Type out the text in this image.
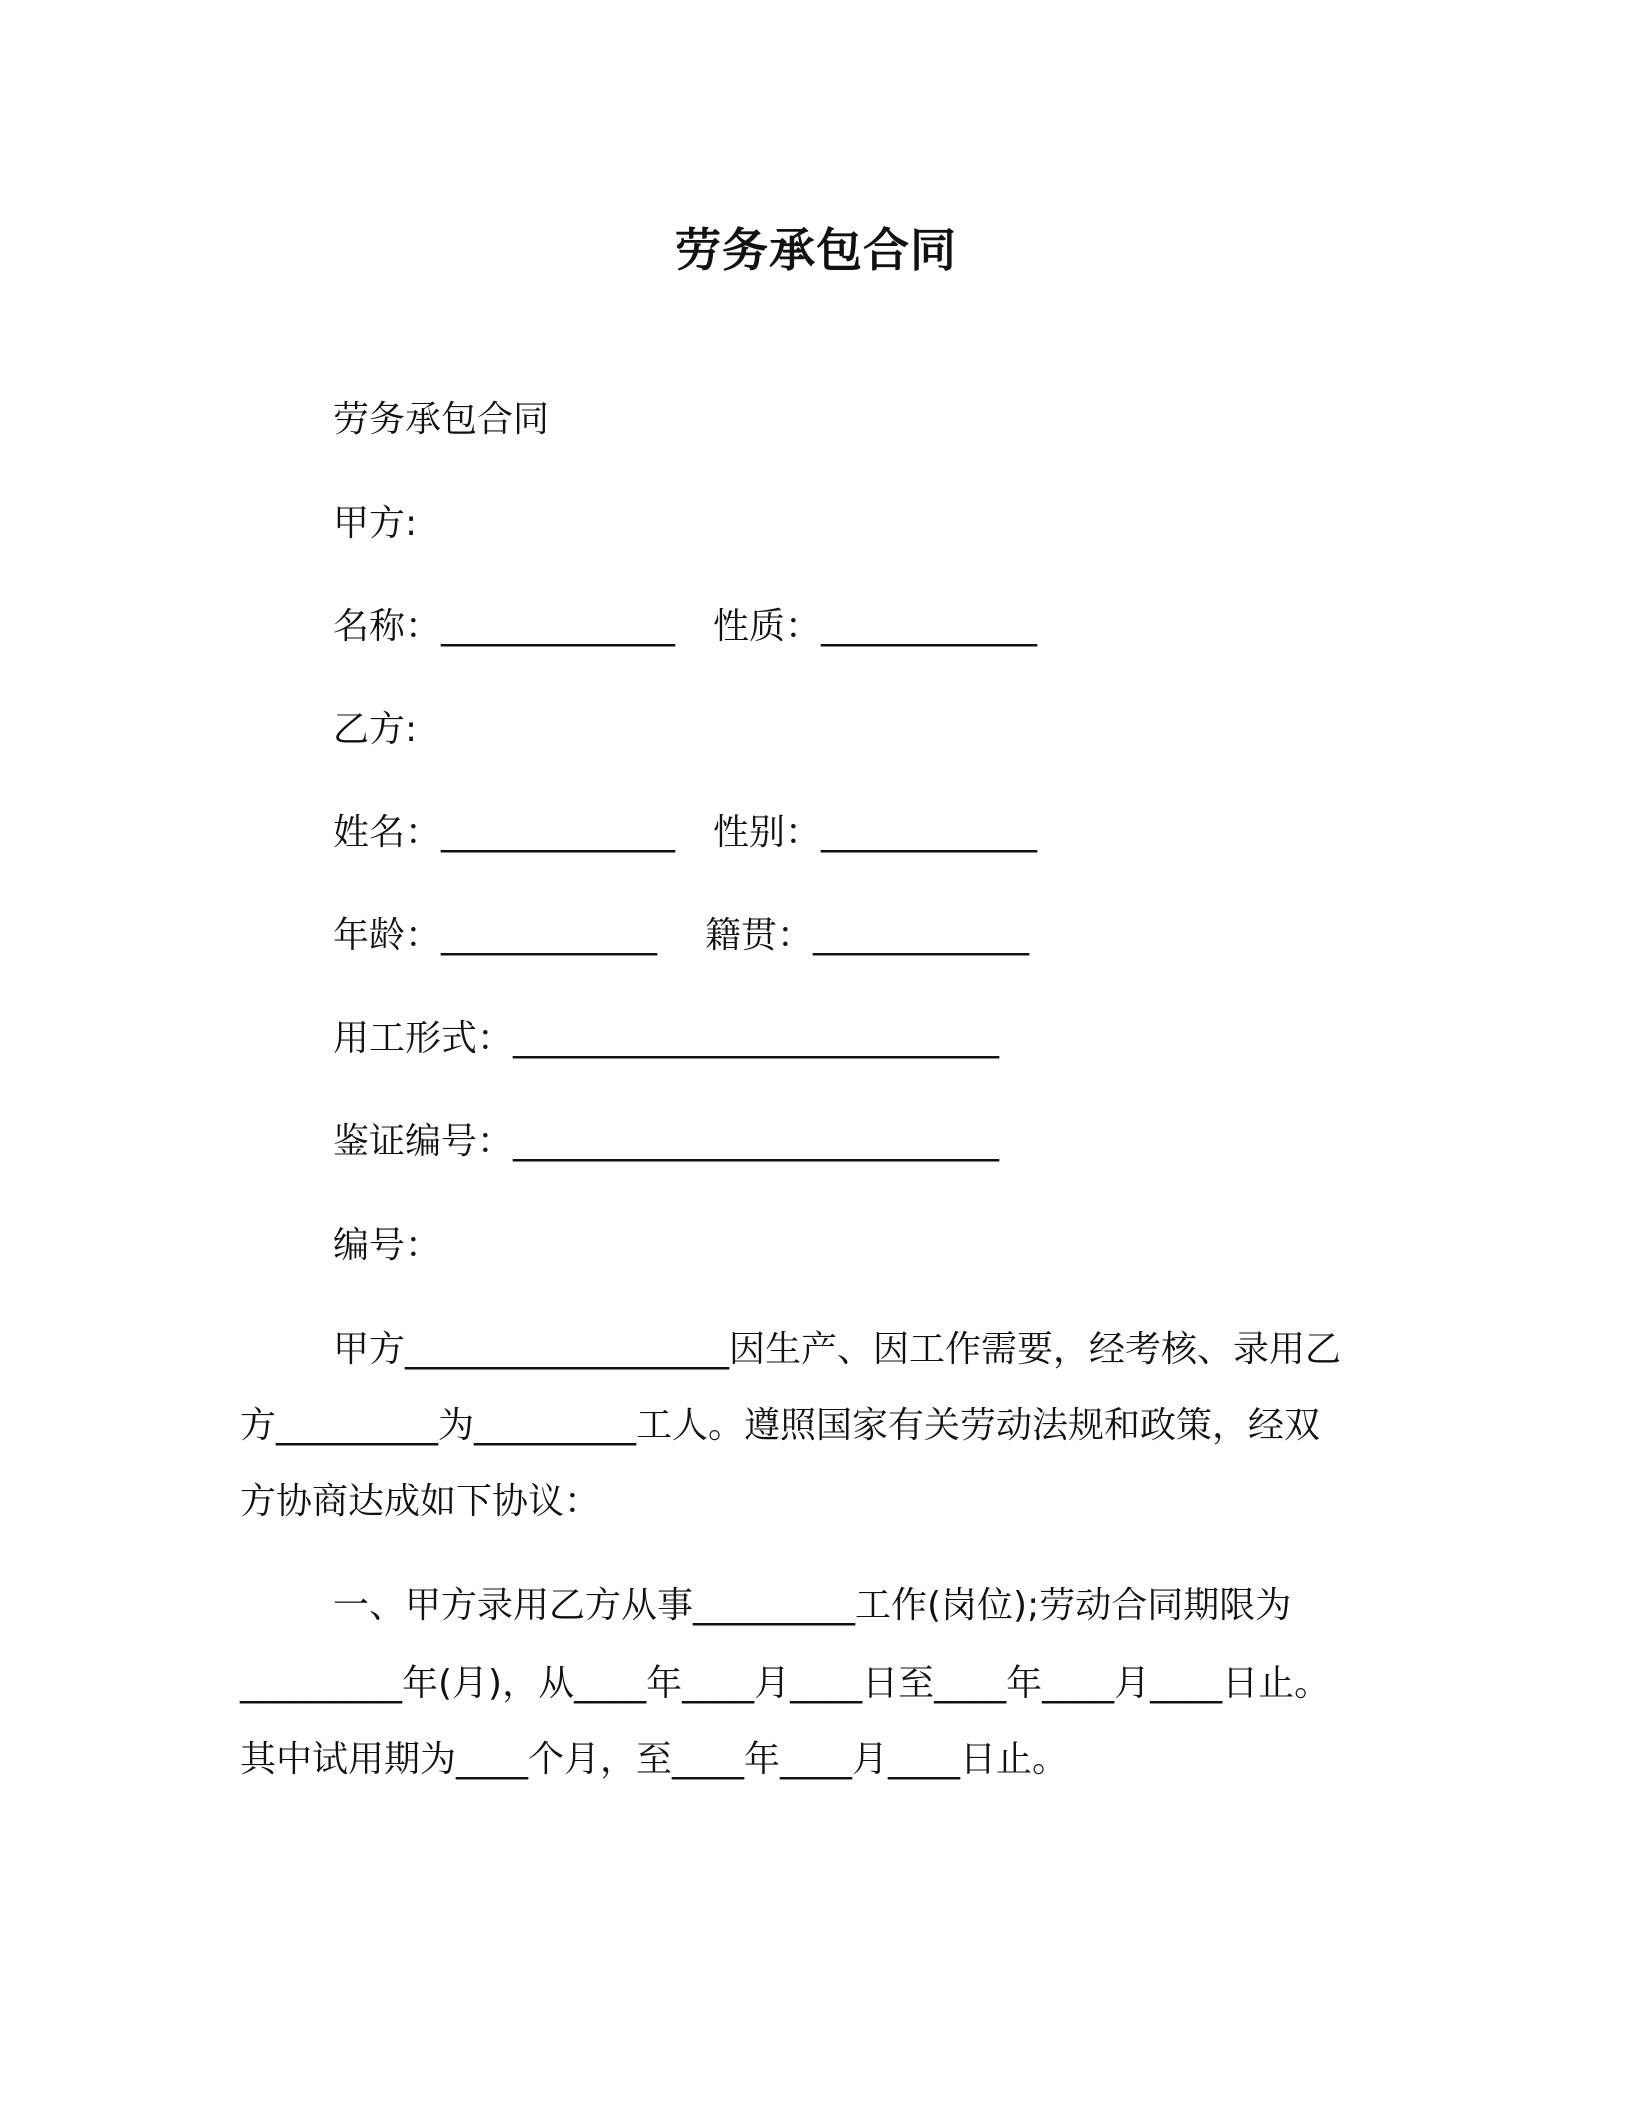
劳务承包合同
劳务承包合同
甲方:
名称：_____________ 性质：____________
乙方:
姓名：_____________ 性别：____________
年龄：____________ 籍贯：____________
用工形式：___________________________
鉴证编号：___________________________
编号：
甲方__________________因生产、因工作需要，经考核、录用乙
方_________为_________工人。遵照国家有关劳动法规和政策，经双
方协商达成如下协议：
一、甲方录用乙方从事_________工作(岗位);劳动合同期限为
_________年(月)，从____年____月____日至____年____月____日止。
其中试用期为____个月，至____年____月____日止。
